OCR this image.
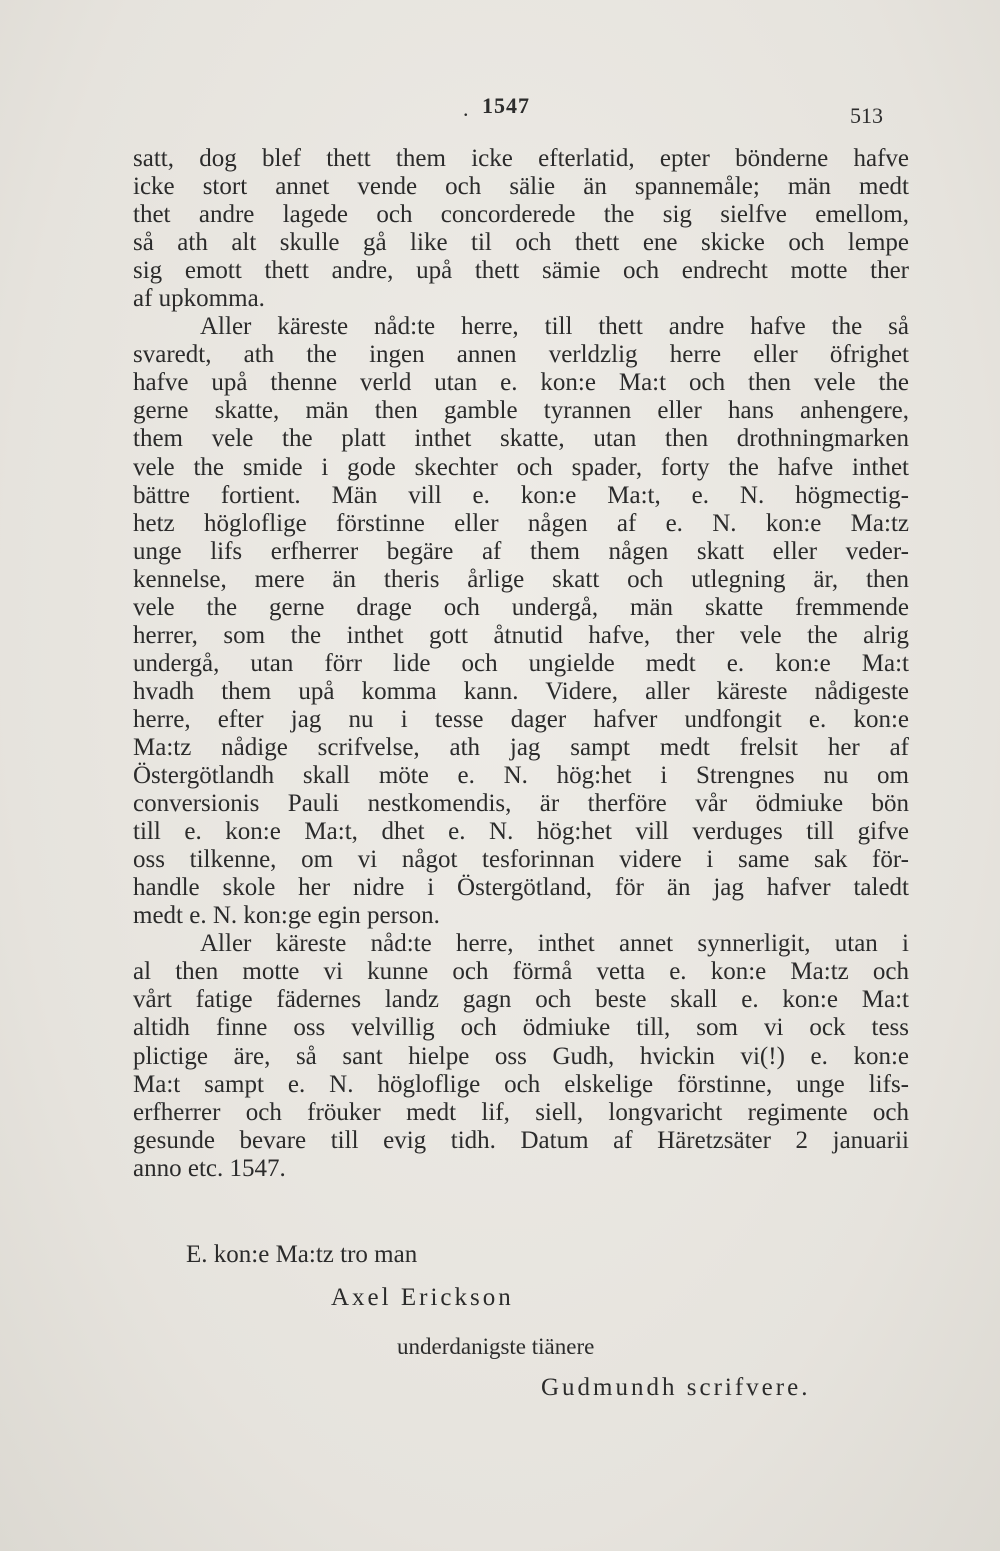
. 1547	513
satt, dog blef thett them icke efterlatid, epter bönderne hafve
icke stort annet vende och sälie än spannemåle; män medt
thet andre lagede och concorderede the sig sielfve emellom,
så ath alt skulle gå like til och thett ene skicke och lempe
sig emott thett andre, upå thett sämie och endrecht motte ther
af upkomma.
Aller käreste nåd:te herre, till thett andre hafve the så
svaredt, ath the ingen annen verldzlig herre eller öfrighet
hafve upå thenne verld utan e. kon:e Ma:t och then vele the
gerne skatte, män then gamble tyrannen eller hans anhengere,
them vele the platt inthet skatte, utan then drothningmarken
vele the smide i gode skechter och spader, forty the hafve inthet
bättre fortient. Män vill e. kon:e Ma:t, e. N. högmectig-
hetz högloflige förstinne eller någen af e. N. kon:e Ma:tz
unge lifs erfherrer begäre af them någen skatt eller veder-
kennelse, mere än theris årlige skatt och utlegning är, then
vele the gerne drage och undergå, män skatte fremmende
herrer, som the inthet gott åtnutid hafve, ther vele the alrig
undergå, utan förr lide och ungielde medt e. kon:e Ma:t
hvadh them upå komma kann. Videre, aller käreste nådigeste
herre, efter jag nu i tesse dager hafver undfongit e. kon:e
Ma:tz nådige scrifvelse, ath jag sampt medt frelsit her af
Östergötlandh skall möte e. N. hög:het i Strengnes nu om
conversionis Pauli nestkomendis, är therföre vår ödmiuke bön
till e. kon:e Ma:t, dhet e. N. hög:het vill verduges till gifve
oss tilkenne, om vi något tesforinnan videre i same sak för-
handle skole her nidre i Östergötland, för än jag hafver taledt
medt e. N. kon:ge egin person.
Aller käreste nåd:te herre, inthet annet synnerligit, utan i
al then motte vi kunne och förmå vetta e. kon:e Ma:tz och
vårt fatige fädernes landz gagn och beste skall e. kon:e Ma:t
altidh finne oss velvillig och ödmiuke till, som vi ock tess
plictige äre, så sant hielpe oss Gudh, hvickin vi(!) e. kon:e
Ma:t sampt e. N. högloflige och elskelige förstinne, unge lifs-
erfherrer och fröuker medt lif, siell, longvaricht regimente och
gesunde bevare till evig tidh. Datum af Häretzsäter 2 januarii
anno etc. 1547.
E. kon:e Ma:tz tro man
Axel Erickson
underdanigste tiänere
Gudmundh scrifvere.
